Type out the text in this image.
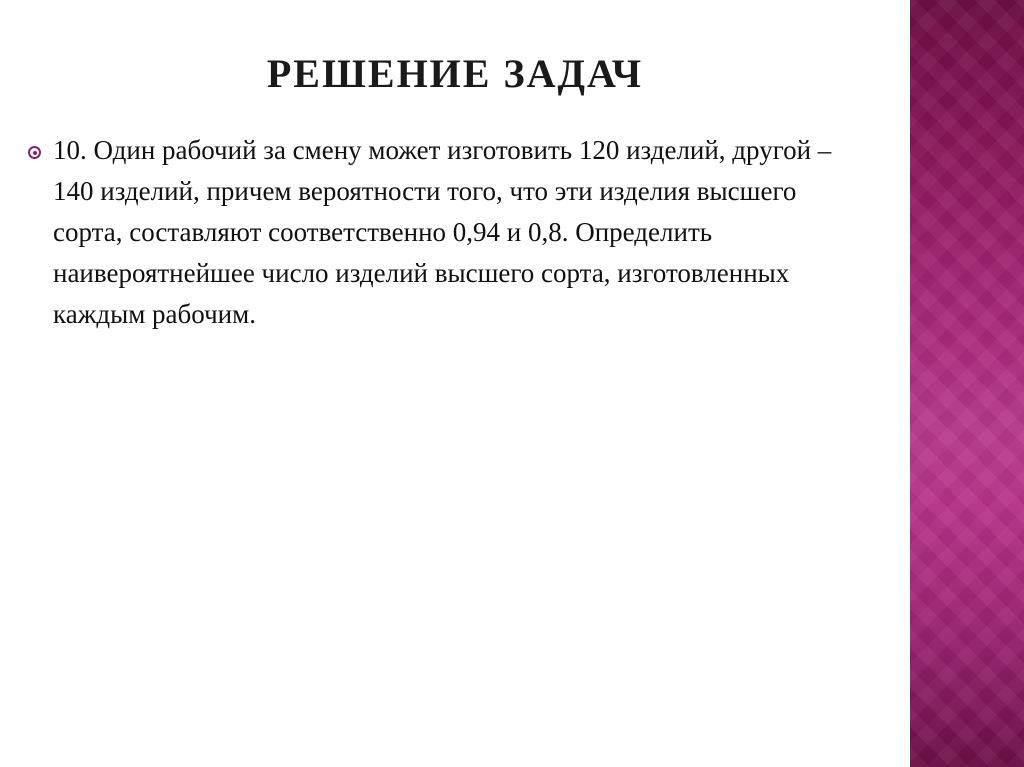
РЕШЕНИЕ ЗАДАЧ
10. Один рабочий за смену может изготовить 120 изделий, другой – 140 изделий, причем вероятности того, что эти изделия высшего сорта, составляют соответственно 0,94 и 0,8. Определить наивероятнейшее число изделий высшего сорта, изготовленных каждым рабочим.
